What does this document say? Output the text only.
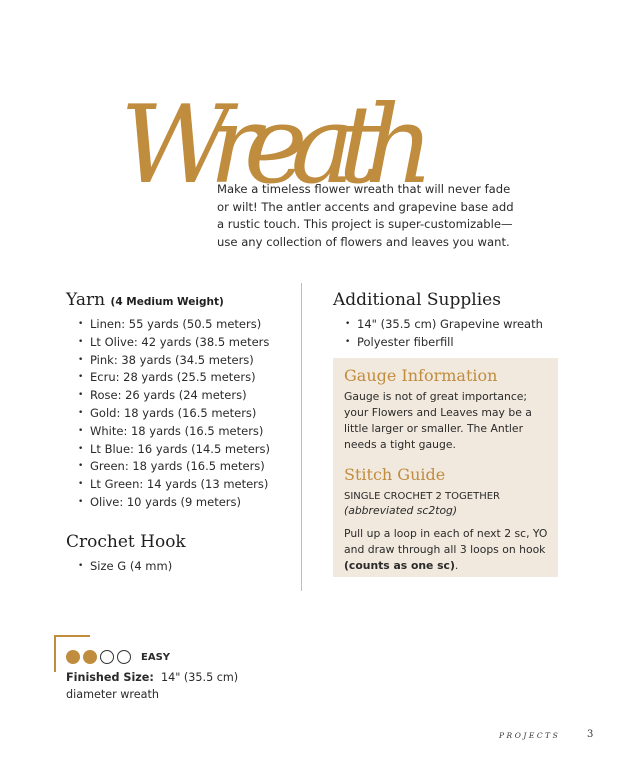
Wreath
Make a timeless flower wreath that will never fade or wilt! The antler accents and grapevine base add a rustic touch. This project is super-customizable—use any collection of flowers and leaves you want.
Yarn (4 Medium Weight)
• Linen: 55 yards (50.5 meters)
• Lt Olive: 42 yards (38.5 meters
• Pink: 38 yards (34.5 meters)
• Ecru: 28 yards (25.5 meters)
• Rose: 26 yards (24 meters)
• Gold: 18 yards (16.5 meters)
• White: 18 yards (16.5 meters)
• Lt Blue: 16 yards (14.5 meters)
• Green: 18 yards (16.5 meters)
• Lt Green: 14 yards (13 meters)
• Olive: 10 yards (9 meters)
Crochet Hook
• Size G (4 mm)
Additional Supplies
• 14" (35.5 cm) Grapevine wreath
• Polyester fiberfill
Gauge Information

Gauge is not of great importance; your Flowers and Leaves may be a little larger or smaller. The Antler needs a tight gauge.

Stitch Guide

SINGLE CROCHET 2 TOGETHER

(abbreviated sc2tog)

Pull up a loop in each of next 2 sc, YO and draw through all 3 loops on hook (counts as one sc).

EASY
Finished Size: 14" (35.5 cm) diameter wreath
PROJECTS	3
